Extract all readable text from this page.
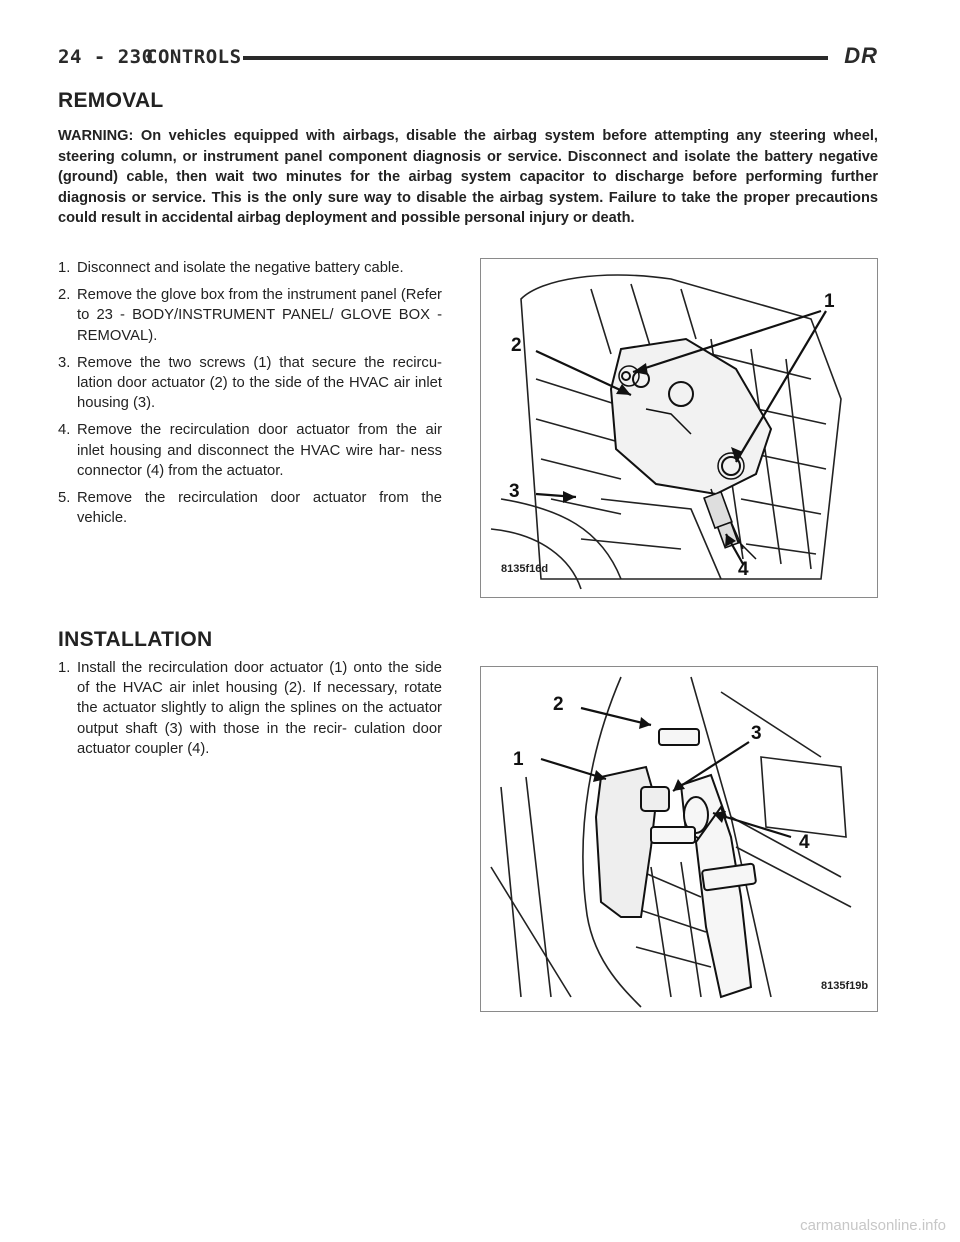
24 - 230
CONTROLS	DR
REMOVAL

WARNING: On vehicles equipped with airbags, disable the airbag system before attempting any steering wheel, steering column, or instrument panel component diagnosis or service. Disconnect and isolate the battery negative (ground) cable, then wait two minutes for the airbag system capacitor to discharge before performing further diagnosis or service. This is the only sure way to disable the airbag system. Failure to take the proper precautions could result in accidental airbag deployment and possible personal injury or death.

1. Disconnect and isolate the negative battery cable.
2. Remove the glove box from the instrument panel (Refer to 23 - BODY/INSTRUMENT PANEL/ GLOVE BOX - REMOVAL).
3. Remove the two screws (1) that secure the recircu- lation door actuator (2) to the side of the HVAC air inlet housing (3).
4. Remove the recirculation door actuator from the air inlet housing and disconnect the HVAC wire har- ness connector (4) from the actuator.
5. Remove the recirculation door actuator from the vehicle.
1
2
3
4
8135f16d
INSTALLATION
1. Install the recirculation door actuator (1) onto the side of the HVAC air inlet housing (2). If necessary, rotate the actuator slightly to align the splines on the actuator output shaft (3) with those in the recir- culation door actuator coupler (4).
2
1
3
4
8135f19b
carmanualsonline.info
